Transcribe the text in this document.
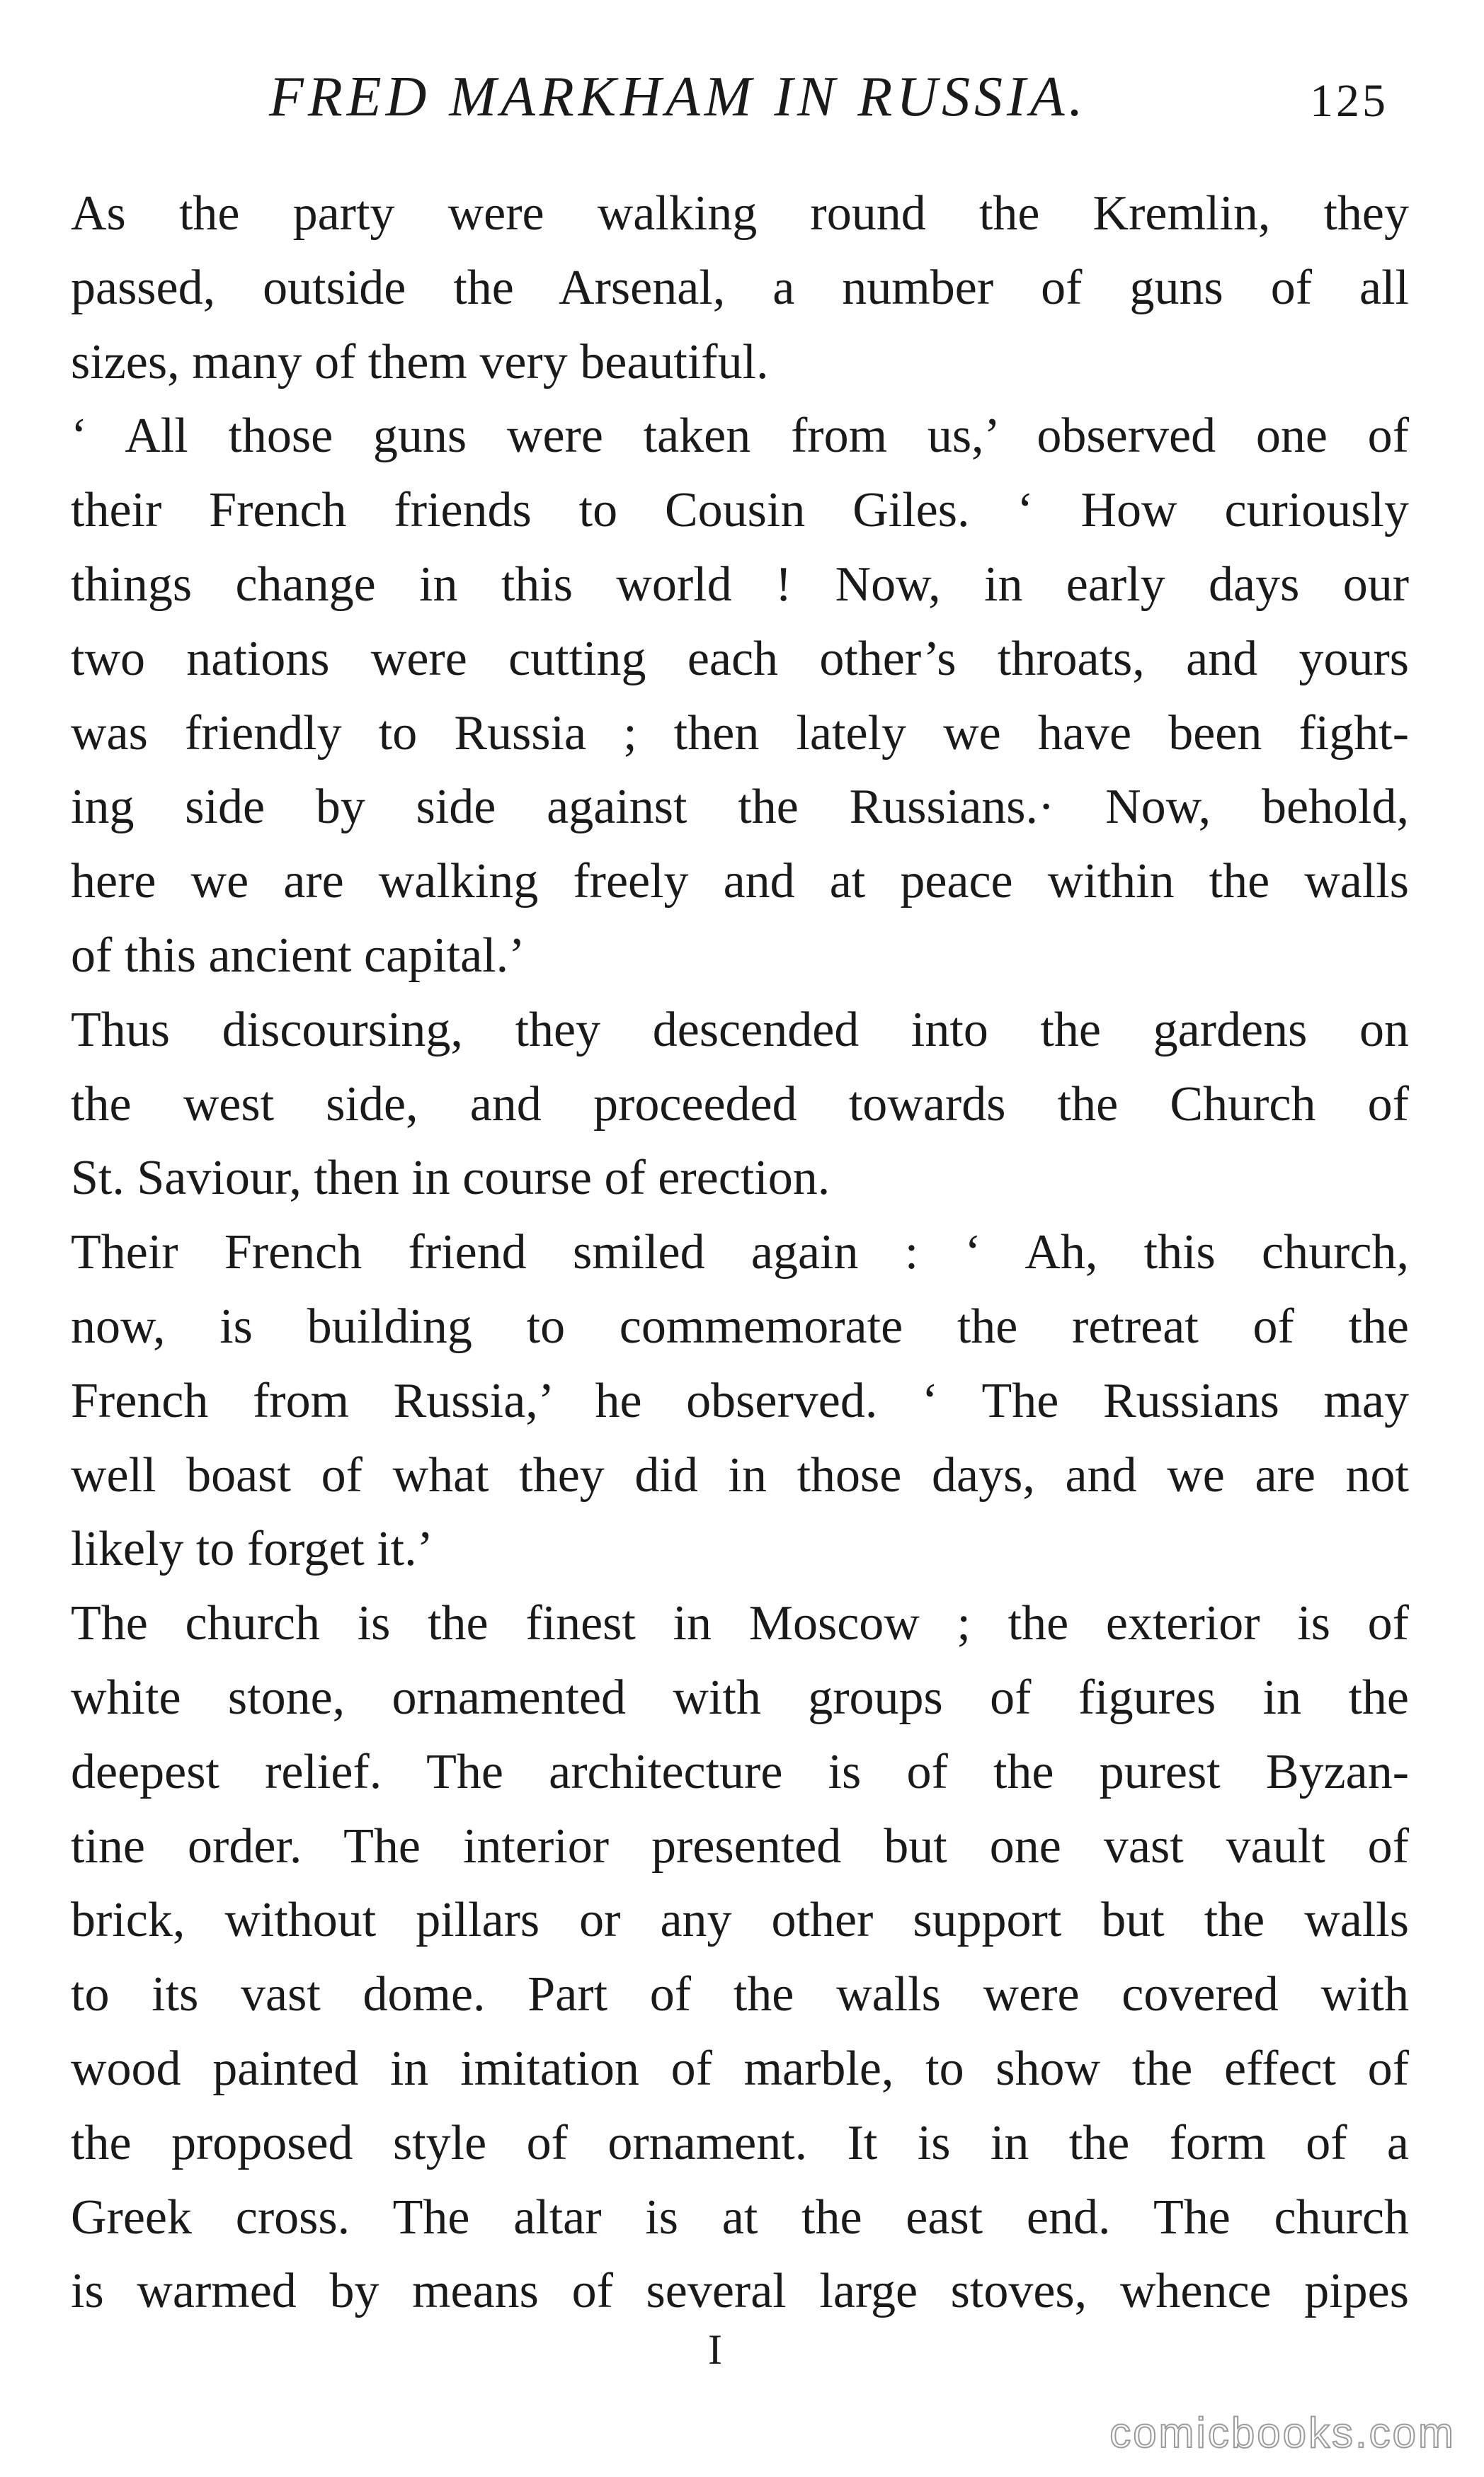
FRED MARKHAM IN RUSSIA.	125
As the party were walking round the Kremlin, they
passed, outside the Arsenal, a number of guns of all
sizes, many of them very beautiful.
‘ All those guns were taken from us,’ observed one of
their French friends to Cousin Giles. ‘ How curiously
things change in this world ! Now, in early days our
two nations were cutting each other’s throats, and yours
was friendly to Russia ; then lately we have been fight-
ing side by side against the Russians.· Now, behold,
here we are walking freely and at peace within the walls
of this ancient capital.’
Thus discoursing, they descended into the gardens on
the west side, and proceeded towards the Church of
St. Saviour, then in course of erection.
Their French friend smiled again : ‘ Ah, this church,
now, is building to commemorate the retreat of the
French from Russia,’ he observed. ‘ The Russians may
well boast of what they did in those days, and we are not
likely to forget it.’
The church is the finest in Moscow ; the exterior is of
white stone, ornamented with groups of figures in the
deepest relief. The architecture is of the purest Byzan-
tine order. The interior presented but one vast vault of
brick, without pillars or any other support but the walls
to its vast dome. Part of the walls were covered with
wood painted in imitation of marble, to show the effect of
the proposed style of ornament. It is in the form of a
Greek cross. The altar is at the east end. The church
is warmed by means of several large stoves, whence pipes
I
comicbooks.com
